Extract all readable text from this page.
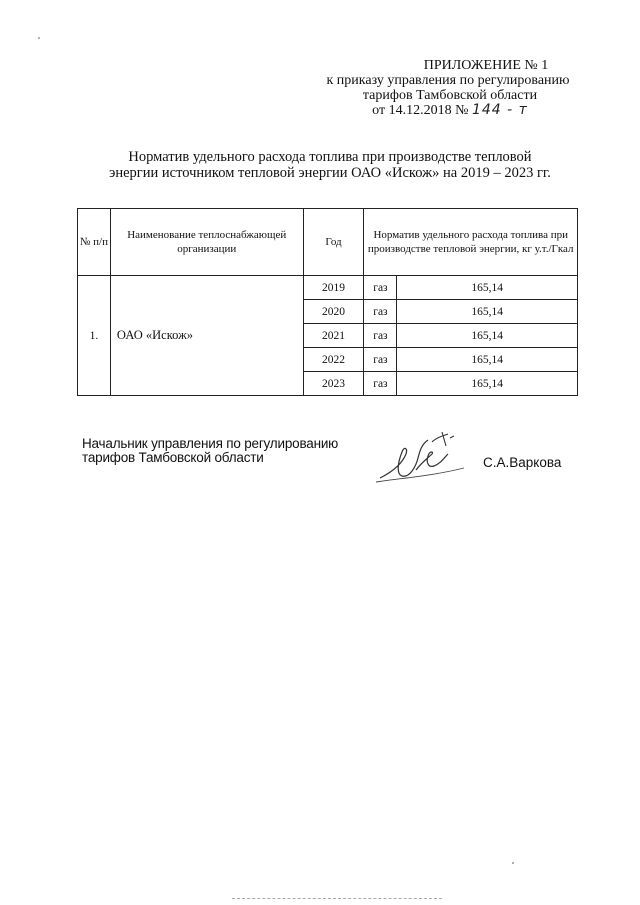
ПРИЛОЖЕНИЕ № 1
к приказу управления по регулированию
тарифов Тамбовской области
от 14.12.2018 № 144 - т
Норматив удельного расхода топлива при производстве тепловой
энергии источником тепловой энергии ОАО «Искож» на 2019 – 2023 гг.
№ п/п	Наименование теплоснабжающей организации	Год	Норматив удельного расхода топлива при производстве тепловой энергии, кг у.т./Гкал	
1.	ОАО «Искож»	2019	газ	165,14
		2020	газ	165,14
		2021	газ	165,14
		2022	газ	165,14
		2023	газ	165,14
Начальник управления по регулированию
тарифов Тамбовской области	С.А.Варкова
